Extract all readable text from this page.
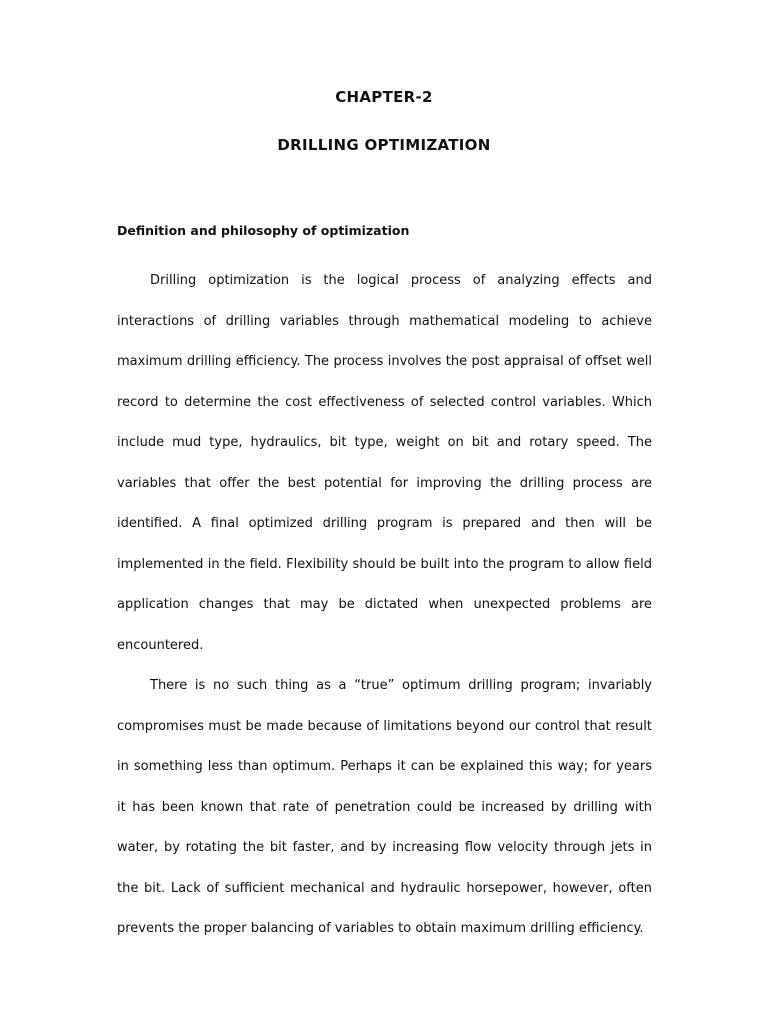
CHAPTER-2
DRILLING OPTIMIZATION
Definition and philosophy of optimization

Drilling optimization is the logical process of analyzing effects and interactions of drilling variables through mathematical modeling to achieve maximum drilling efficiency. The process involves the post appraisal of offset well record to determine the cost effectiveness of selected control variables. Which include mud type, hydraulics, bit type, weight on bit and rotary speed. The variables that offer the best potential for improving the drilling process are identified. A final optimized drilling program is prepared and then will be implemented in the field. Flexibility should be built into the program to allow field application changes that may be dictated when unexpected problems are encountered.

There is no such thing as a “true” optimum drilling program; invariably compromises must be made because of limitations beyond our control that result in something less than optimum. Perhaps it can be explained this way; for years it has been known that rate of penetration could be increased by drilling with water, by rotating the bit faster, and by increasing flow velocity through jets in the bit. Lack of sufficient mechanical and hydraulic horsepower, however, often prevents the proper balancing of variables to obtain maximum drilling efficiency.
